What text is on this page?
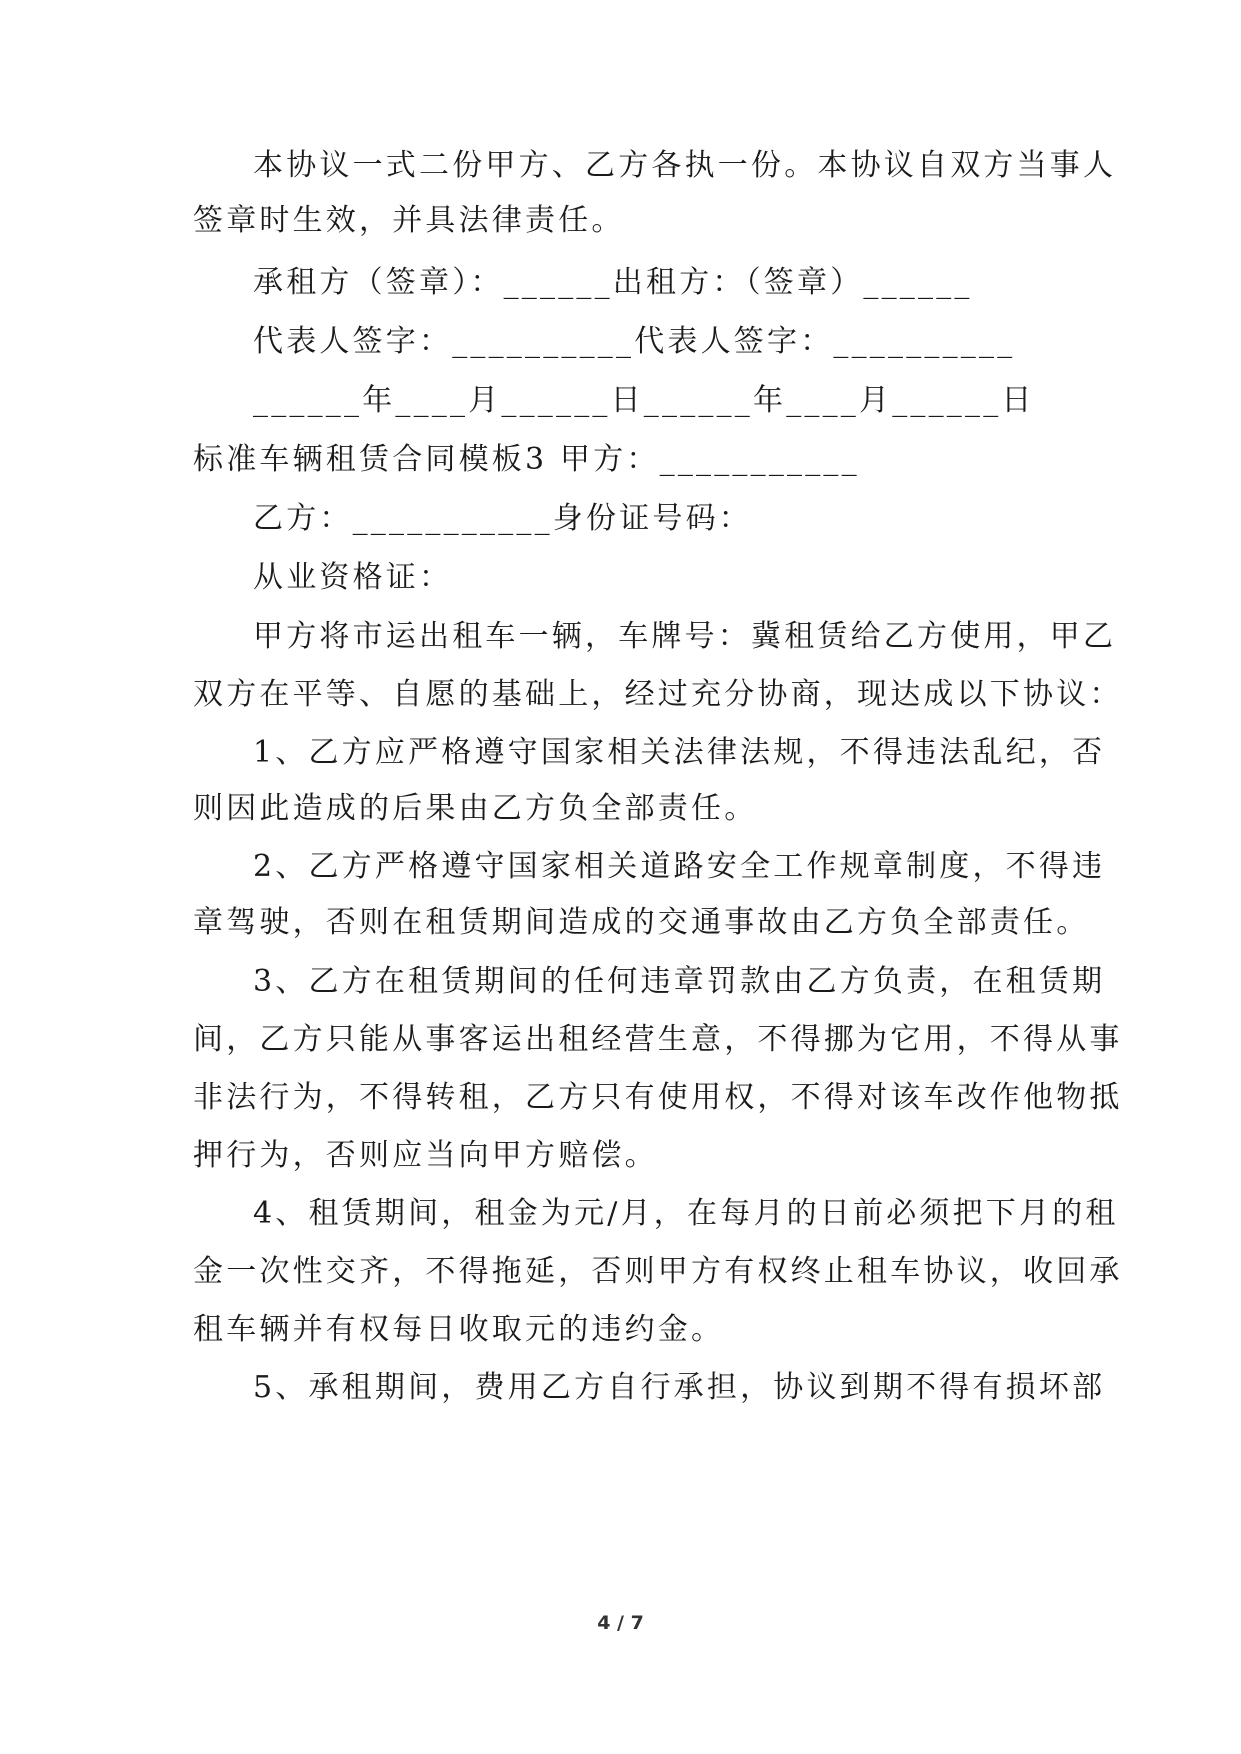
本协议一式二份甲方、乙方各执一份。本协议自双方当事人
签章时生效，并具法律责任。
承租方（签章）：______出租方：（签章）______
代表人签字：__________代表人签字：__________
______年____月______日______年____月______日
标准车辆租赁合同模板3 甲方：___________
乙方：___________身份证号码：
从业资格证：
甲方将市运出租车一辆，车牌号：冀租赁给乙方使用，甲乙
双方在平等、自愿的基础上，经过充分协商，现达成以下协议：
1、乙方应严格遵守国家相关法律法规，不得违法乱纪，否
则因此造成的后果由乙方负全部责任。
2、乙方严格遵守国家相关道路安全工作规章制度，不得违
章驾驶，否则在租赁期间造成的交通事故由乙方负全部责任。
3、乙方在租赁期间的任何违章罚款由乙方负责，在租赁期
间，乙方只能从事客运出租经营生意，不得挪为它用，不得从事
非法行为，不得转租，乙方只有使用权，不得对该车改作他物抵
押行为，否则应当向甲方赔偿。
4、租赁期间，租金为元/月，在每月的日前必须把下月的租
金一次性交齐，不得拖延，否则甲方有权终止租车协议，收回承
租车辆并有权每日收取元的违约金。
5、承租期间，费用乙方自行承担，协议到期不得有损坏部
4 / 7
